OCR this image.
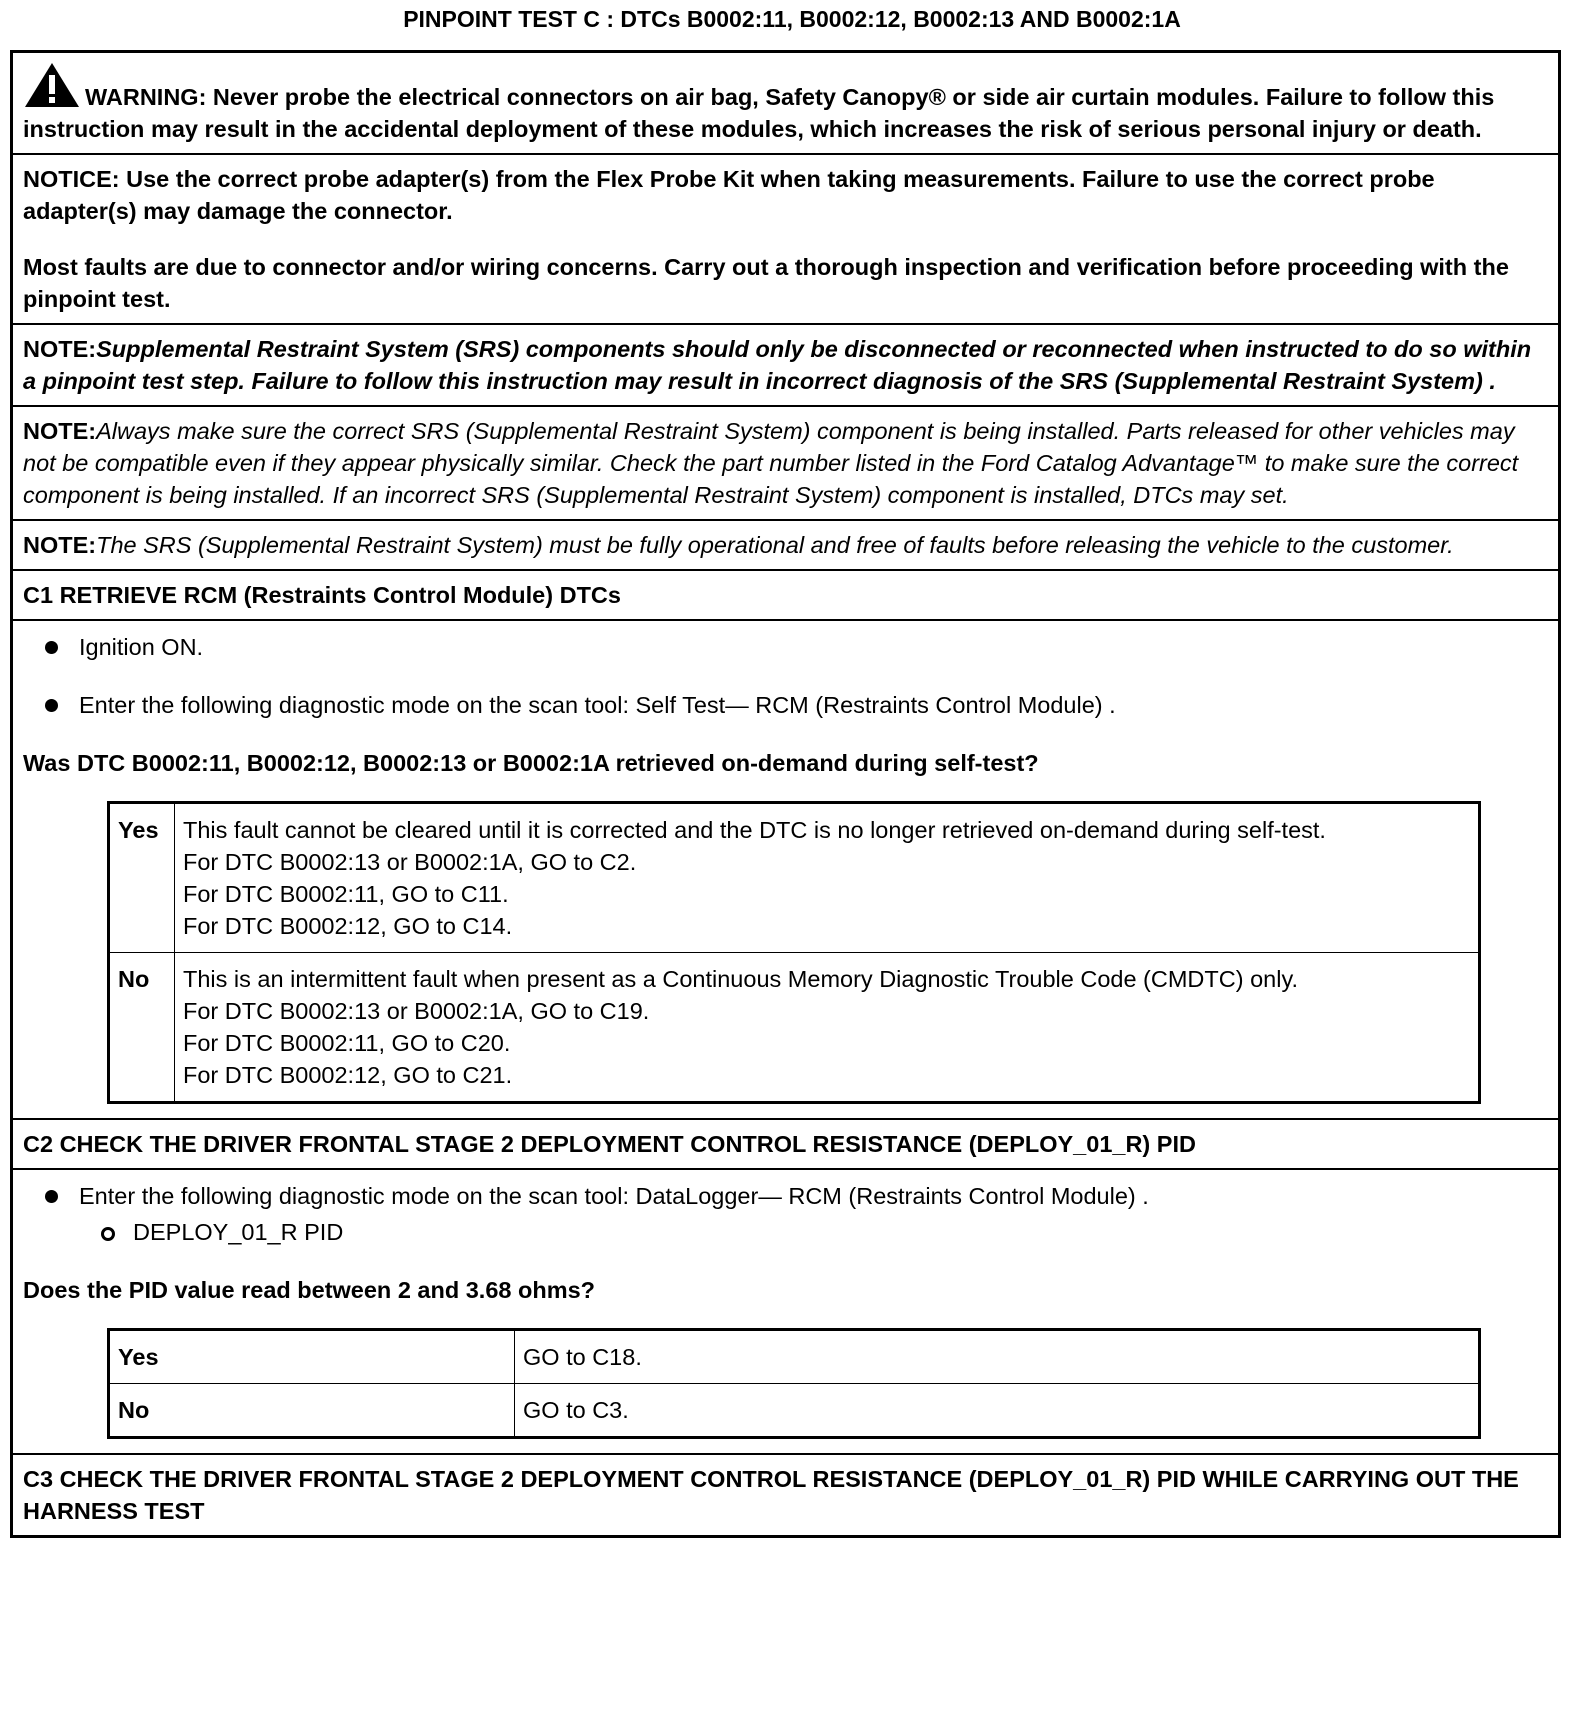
PINPOINT TEST C : DTCs B0002:11, B0002:12, B0002:13 AND B0002:1A
WARNING: Never probe the electrical connectors on air bag, Safety Canopy® or side air curtain modules. Failure to follow this instruction may result in the accidental deployment of these modules, which increases the risk of serious personal injury or death.
NOTICE: Use the correct probe adapter(s) from the Flex Probe Kit when taking measurements. Failure to use the correct probe adapter(s) may damage the connector.
Most faults are due to connector and/or wiring concerns. Carry out a thorough inspection and verification before proceeding with the pinpoint test.
NOTE:Supplemental Restraint System (SRS) components should only be disconnected or reconnected when instructed to do so within a pinpoint test step. Failure to follow this instruction may result in incorrect diagnosis of the SRS (Supplemental Restraint System) .
NOTE:Always make sure the correct SRS (Supplemental Restraint System) component is being installed. Parts released for other vehicles may not be compatible even if they appear physically similar. Check the part number listed in the Ford Catalog Advantage™ to make sure the correct component is being installed. If an incorrect SRS (Supplemental Restraint System) component is installed, DTCs may set.
NOTE:The SRS (Supplemental Restraint System) must be fully operational and free of faults before releasing the vehicle to the customer.
C1 RETRIEVE RCM (Restraints Control Module) DTCs
Ignition ON.
Enter the following diagnostic mode on the scan tool: Self Test— RCM (Restraints Control Module) .
Was DTC B0002:11, B0002:12, B0002:13 or B0002:1A retrieved on-demand during self-test?
Yes	This fault cannot be cleared until it is corrected and the DTC is no longer retrieved on-demand during self-test.
For DTC B0002:13 or B0002:1A, GO to C2.
For DTC B0002:11, GO to C11.
For DTC B0002:12, GO to C14.

No	This is an intermittent fault when present as a Continuous Memory Diagnostic Trouble Code (CMDTC) only.
For DTC B0002:13 or B0002:1A, GO to C19.
For DTC B0002:11, GO to C20.
For DTC B0002:12, GO to C21.
C2 CHECK THE DRIVER FRONTAL STAGE 2 DEPLOYMENT CONTROL RESISTANCE (DEPLOY_01_R) PID
Enter the following diagnostic mode on the scan tool: DataLogger— RCM (Restraints Control Module) .
DEPLOY_01_R PID
Does the PID value read between 2 and 3.68 ohms?
Yes	GO to C18.
No	GO to C3.
C3 CHECK THE DRIVER FRONTAL STAGE 2 DEPLOYMENT CONTROL RESISTANCE (DEPLOY_01_R) PID WHILE CARRYING OUT THE HARNESS TEST
